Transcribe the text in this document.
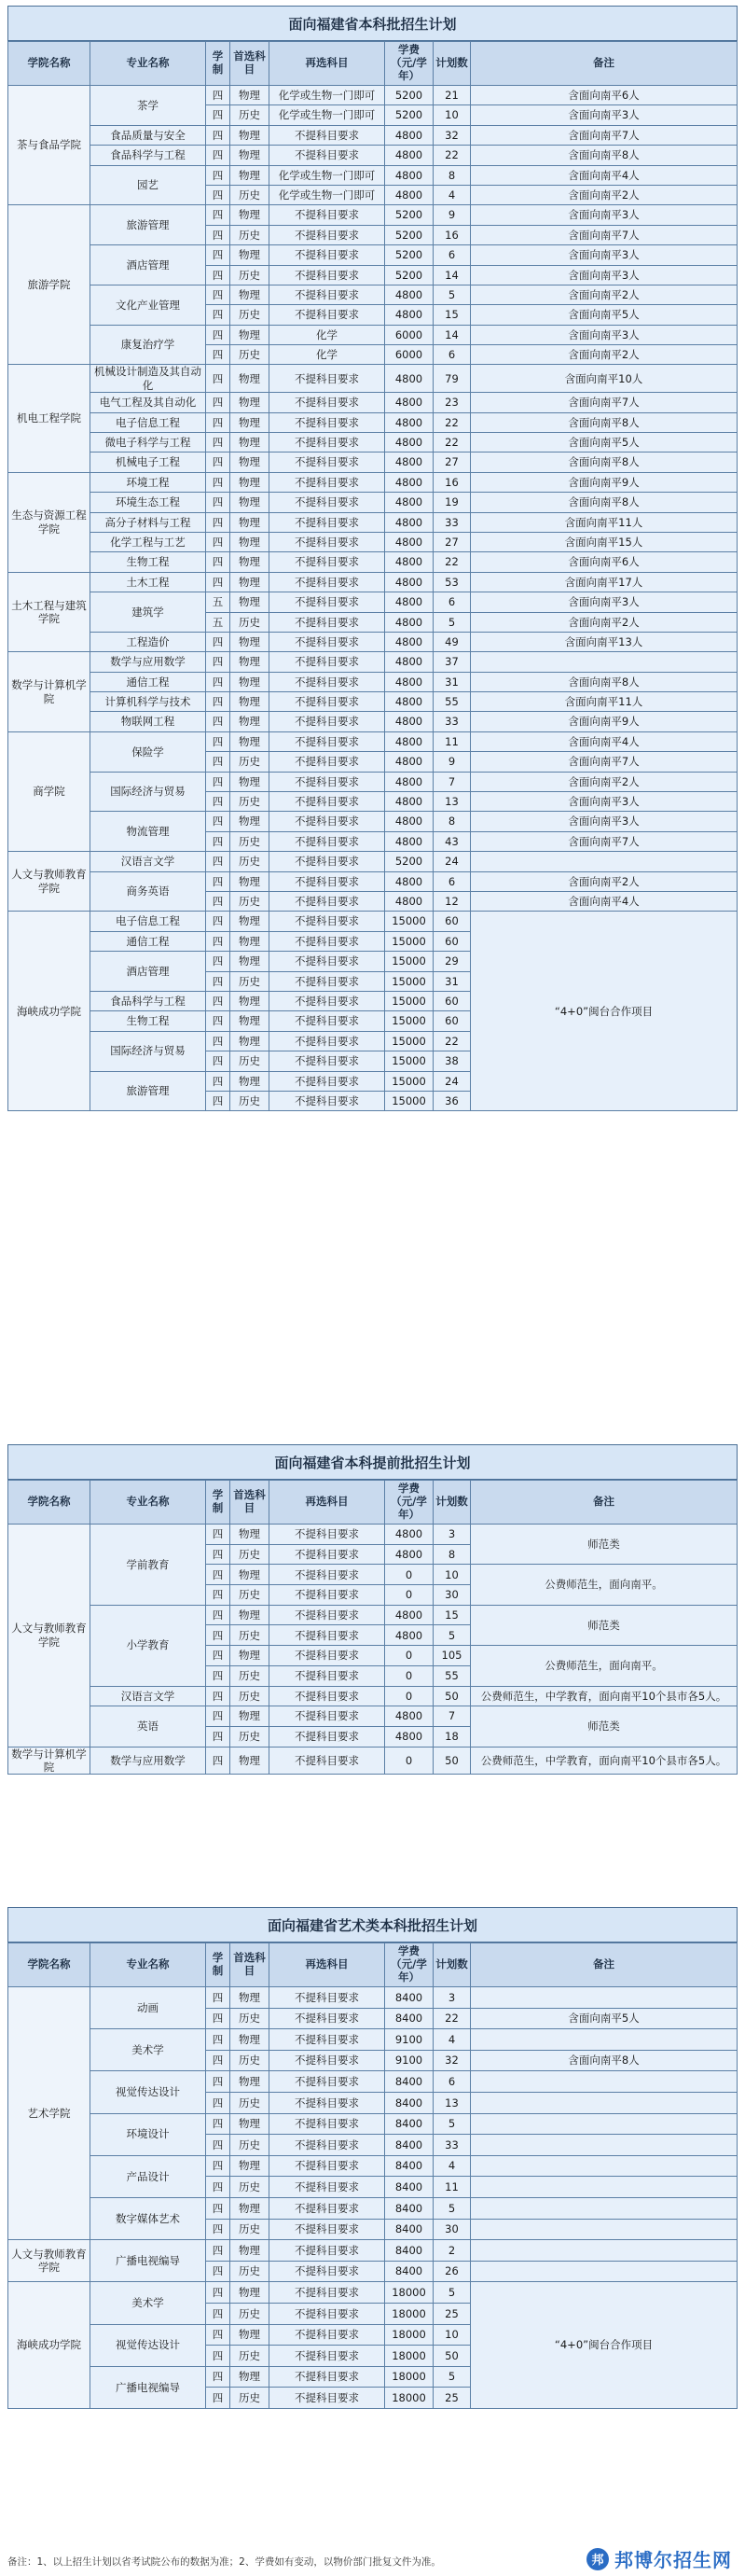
面向福建省本科批招生计划
学院名称	专业名称	学制	首选科目	再选科目	学费（元/学年）	计划数	备注
茶与食品学院	茶学	四	物理	化学或生物一门即可	5200	21	含面向南平6人
		四	历史	化学或生物一门即可	5200	10	含面向南平3人
	食品质量与安全	四	物理	不提科目要求	4800	32	含面向南平7人
	食品科学与工程	四	物理	不提科目要求	4800	22	含面向南平8人
	园艺	四	物理	化学或生物一门即可	4800	8	含面向南平4人
		四	历史	化学或生物一门即可	4800	4	含面向南平2人
旅游学院	旅游管理	四	物理	不提科目要求	5200	9	含面向南平3人
		四	历史	不提科目要求	5200	16	含面向南平7人
	酒店管理	四	物理	不提科目要求	5200	6	含面向南平3人
		四	历史	不提科目要求	5200	14	含面向南平3人
	文化产业管理	四	物理	不提科目要求	4800	5	含面向南平2人
		四	历史	不提科目要求	4800	15	含面向南平5人
	康复治疗学	四	物理	化学	6000	14	含面向南平3人
		四	历史	化学	6000	6	含面向南平2人
机电工程学院	机械设计制造及其自动化	四	物理	不提科目要求	4800	79	含面向南平10人
	电气工程及其自动化	四	物理	不提科目要求	4800	23	含面向南平7人
	电子信息工程	四	物理	不提科目要求	4800	22	含面向南平8人
	微电子科学与工程	四	物理	不提科目要求	4800	22	含面向南平5人
	机械电子工程	四	物理	不提科目要求	4800	27	含面向南平8人
生态与资源工程学院	环境工程	四	物理	不提科目要求	4800	16	含面向南平9人
	环境生态工程	四	物理	不提科目要求	4800	19	含面向南平8人
	高分子材料与工程	四	物理	不提科目要求	4800	33	含面向南平11人
	化学工程与工艺	四	物理	不提科目要求	4800	27	含面向南平15人
	生物工程	四	物理	不提科目要求	4800	22	含面向南平6人
土木工程与建筑学院	土木工程	四	物理	不提科目要求	4800	53	含面向南平17人
	建筑学	五	物理	不提科目要求	4800	6	含面向南平3人
		五	历史	不提科目要求	4800	5	含面向南平2人
	工程造价	四	物理	不提科目要求	4800	49	含面向南平13人
数学与计算机学院	数学与应用数学	四	物理	不提科目要求	4800	37	
	通信工程	四	物理	不提科目要求	4800	31	含面向南平8人
	计算机科学与技术	四	物理	不提科目要求	4800	55	含面向南平11人
	物联网工程	四	物理	不提科目要求	4800	33	含面向南平9人
商学院	保险学	四	物理	不提科目要求	4800	11	含面向南平4人
		四	历史	不提科目要求	4800	9	含面向南平7人
	国际经济与贸易	四	物理	不提科目要求	4800	7	含面向南平2人
		四	历史	不提科目要求	4800	13	含面向南平3人
	物流管理	四	物理	不提科目要求	4800	8	含面向南平3人
		四	历史	不提科目要求	4800	43	含面向南平7人
人文与教师教育学院	汉语言文学	四	历史	不提科目要求	5200	24	
	商务英语	四	物理	不提科目要求	4800	6	含面向南平2人
		四	历史	不提科目要求	4800	12	含面向南平4人
海峡成功学院	电子信息工程	四	物理	不提科目要求	15000	60	“4+0”闽台合作项目
	通信工程	四	物理	不提科目要求	15000	60	
	酒店管理	四	物理	不提科目要求	15000	29	
		四	历史	不提科目要求	15000	31	
	食品科学与工程	四	物理	不提科目要求	15000	60	
	生物工程	四	物理	不提科目要求	15000	60	
	国际经济与贸易	四	物理	不提科目要求	15000	22	
		四	历史	不提科目要求	15000	38	
	旅游管理	四	物理	不提科目要求	15000	24	
		四	历史	不提科目要求	15000	36	
面向福建省本科提前批招生计划
学院名称	专业名称	学制	首选科目	再选科目	学费（元/学年）	计划数	备注
人文与教师教育学院	学前教育	四	物理	不提科目要求	4800	3	师范类
		四	历史	不提科目要求	4800	8	
		四	物理	不提科目要求	0	10	公费师范生，面向南平。
		四	历史	不提科目要求	0	30	
	小学教育	四	物理	不提科目要求	4800	15	师范类
		四	历史	不提科目要求	4800	5	
		四	物理	不提科目要求	0	105	公费师范生，面向南平。
		四	历史	不提科目要求	0	55	
	汉语言文学	四	历史	不提科目要求	0	50	公费师范生，中学教育，面向南平10个县市各5人。
	英语	四	物理	不提科目要求	4800	7	师范类
		四	历史	不提科目要求	4800	18	
数学与计算机学院	数学与应用数学	四	物理	不提科目要求	0	50	公费师范生，中学教育，面向南平10个县市各5人。
面向福建省艺术类本科批招生计划
学院名称	专业名称	学制	首选科目	再选科目	学费（元/学年）	计划数	备注
艺术学院	动画	四	物理	不提科目要求	8400	3	
		四	历史	不提科目要求	8400	22	含面向南平5人
	美术学	四	物理	不提科目要求	9100	4	
		四	历史	不提科目要求	9100	32	含面向南平8人
	视觉传达设计	四	物理	不提科目要求	8400	6	
		四	历史	不提科目要求	8400	13	
	环境设计	四	物理	不提科目要求	8400	5	
		四	历史	不提科目要求	8400	33	
	产品设计	四	物理	不提科目要求	8400	4	
		四	历史	不提科目要求	8400	11	
	数字媒体艺术	四	物理	不提科目要求	8400	5	
		四	历史	不提科目要求	8400	30	
人文与教师教育学院	广播电视编导	四	物理	不提科目要求	8400	2	
		四	历史	不提科目要求	8400	26	
海峡成功学院	美术学	四	物理	不提科目要求	18000	5	“4+0”闽台合作项目
		四	历史	不提科目要求	18000	25	
	视觉传达设计	四	物理	不提科目要求	18000	10	
		四	历史	不提科目要求	18000	50	
	广播电视编导	四	物理	不提科目要求	18000	5	
		四	历史	不提科目要求	18000	25	
备注：1、以上招生计划以省考试院公布的数据为准；2、学费如有变动，以物价部门批复文件为准。	邦 邦博尔招生网
